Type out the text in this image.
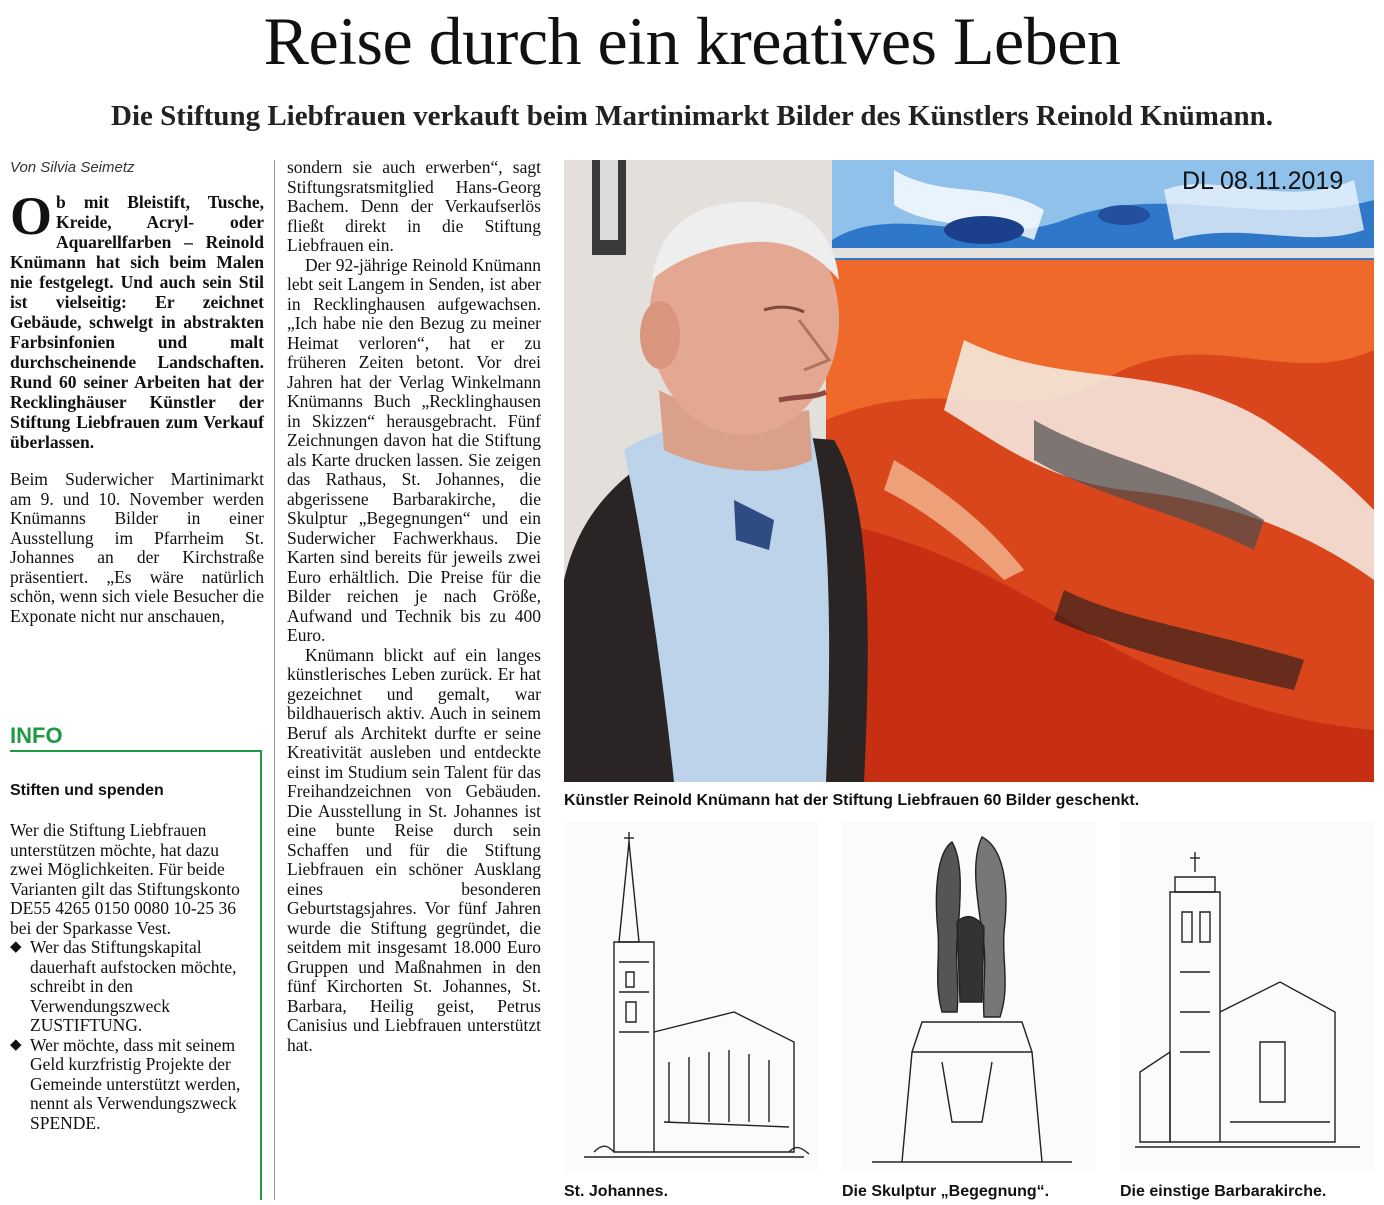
Reise durch ein kreatives Leben
Die Stiftung Liebfrauen verkauft beim Martinimarkt Bilder des Künstlers Reinold Knümann.
Von Silvia Seimetz

Ob mit Bleistift, Tusche, Kreide, Acryl- oder Aquarellfarben – Reinold Knümann hat sich beim Malen nie festgelegt. Und auch sein Stil ist vielseitig: Er zeichnet Gebäude, schwelgt in abstrakten Farbsinfonien und malt durchscheinende Landschaften. Rund 60 seiner Arbeiten hat der Recklinghäuser Künstler der Stiftung Liebfrauen zum Verkauf überlassen.

Beim Suderwicher Martinimarkt am 9. und 10. November werden Knümanns Bilder in einer Ausstellung im Pfarrheim St. Johannes an der Kirchstraße präsentiert. „Es wäre natürlich schön, wenn sich viele Besucher die Exponate nicht nur anschauen,

sondern sie auch erwerben“, sagt Stiftungsratsmitglied Hans-Georg Bachem. Denn der Verkaufserlös fließt direkt in die Stiftung Liebfrauen ein.

Der 92-jährige Reinold Knümann lebt seit Langem in Senden, ist aber in Recklinghausen aufgewachsen. „Ich habe nie den Bezug zu meiner Heimat verloren“, hat er zu früheren Zeiten betont. Vor drei Jahren hat der Verlag Winkelmann Knümanns Buch „Recklinghausen in Skizzen“ herausgebracht. Fünf Zeichnungen davon hat die Stiftung als Karte drucken lassen. Sie zeigen das Rathaus, St. Johannes, die abgerissene Barbarakirche, die Skulptur „Begegnungen“ und ein Suderwicher Fachwerkhaus. Die Karten sind bereits für jeweils zwei Euro erhältlich. Die Preise für die Bilder reichen je nach Größe, Aufwand und Technik bis zu 400 Euro.

Knümann blickt auf ein langes künstlerisches Leben zurück. Er hat gezeichnet und gemalt, war bildhauerisch aktiv. Auch in seinem Beruf als Architekt durfte er seine Kreativität ausleben und entdeckte einst im Studium sein Talent für das Freihandzeichnen von Gebäuden. Die Ausstellung in St. Johannes ist eine bunte Reise durch sein Schaffen und für die Stiftung Liebfrauen ein schöner Ausklang eines besonderen Geburtstagsjahres. Vor fünf Jahren wurde die Stiftung gegründet, die seitdem mit insgesamt 18.000 Euro Gruppen und Maßnahmen in den fünf Kirchorten St. Johannes, St. Barbara, Heilig geist, Petrus Canisius und Liebfrauen unterstützt hat.

INFO
Stiften und spenden

Wer die Stiftung Liebfrauen unterstützen möchte, hat dazu zwei Möglichkeiten. Für beide Varianten gilt das Stiftungskonto DE55 4265 0150 0080 10-25 36 bei der Sparkasse Vest.

◆ Wer das Stiftungskapital dauerhaft aufstocken möchte, schreibt in den Verwendungszweck ZUSTIFTUNG.
◆ Wer möchte, dass mit seinem Geld kurzfristig Projekte der Gemeinde unterstützt werden, nennt als Verwendungszweck SPENDE.
DL 08.11.2019
Künstler Reinold Knümann hat der Stiftung Liebfrauen 60 Bilder geschenkt.
St. Johannes.	Die Skulptur „Begegnung“.	Die einstige Barbarakirche.
